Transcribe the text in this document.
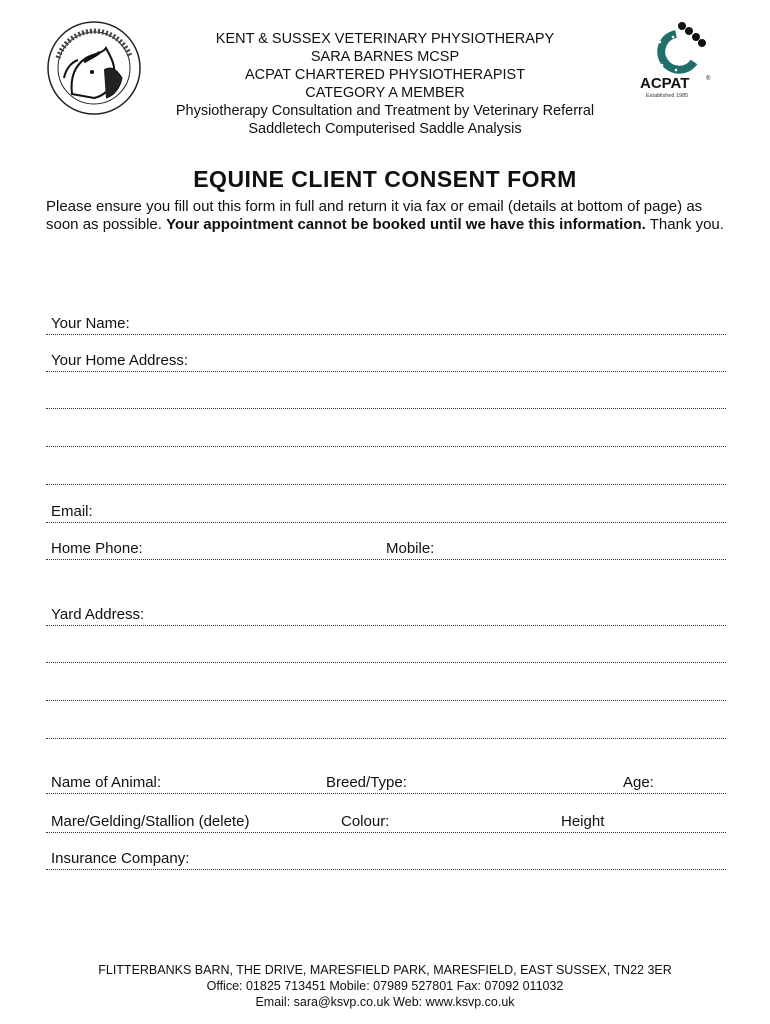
ACPAT	®
Established 1985
KENT & SUSSEX VETERINARY PHYSIOTHERAPY
SARA BARNES MCSP
ACPAT CHARTERED PHYSIOTHERAPIST
CATEGORY A MEMBER
Physiotherapy Consultation and Treatment by Veterinary Referral
Saddletech Computerised Saddle Analysis
EQUINE CLIENT CONSENT FORM
Please ensure you fill out this form in full and return it via fax or email (details at bottom of page) as soon as possible. Your appointment cannot be booked until we have this information. Thank you.
Your Name:
Your Home Address:
Email:
Home Phone:	Mobile:
Yard Address:
Name of Animal:	Breed/Type:	Age:
Mare/Gelding/Stallion (delete)	Colour:	Height
Insurance Company:
FLITTERBANKS BARN, THE DRIVE, MARESFIELD PARK, MARESFIELD, EAST SUSSEX, TN22 3ER
Office: 01825 713451 Mobile: 07989 527801 Fax: 07092 011032
Email: sara@ksvp.co.uk Web: www.ksvp.co.uk
